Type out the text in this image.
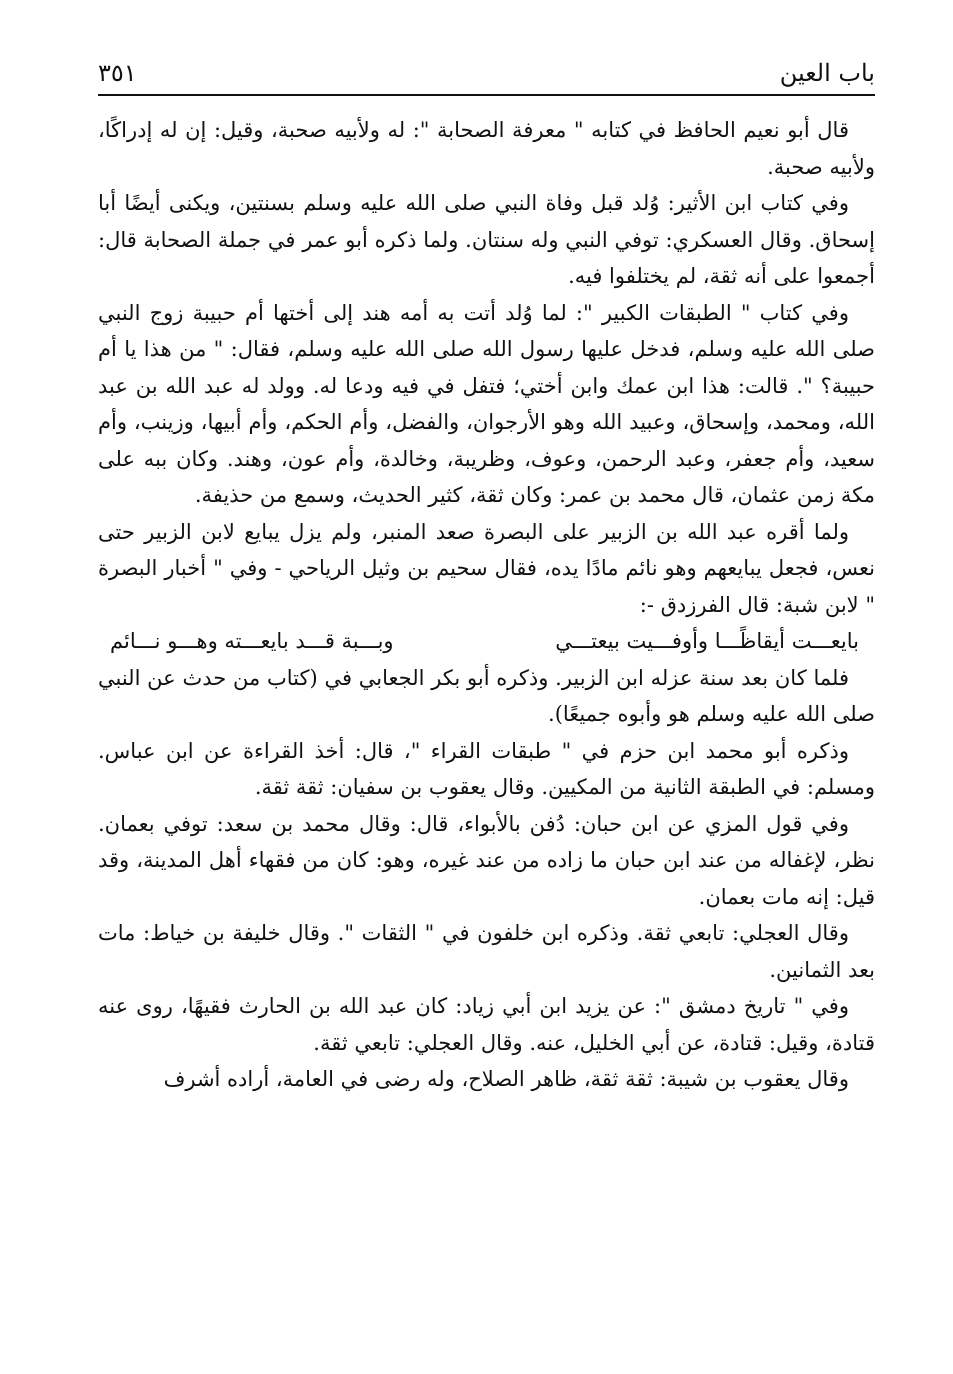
باب العين
٣٥١

قال أبو نعيم الحافظ في كتابه " معرفة الصحابة ": له ولأبيه صحبة، وقيل: إن له إدراكًا، ولأبيه صحبة.

وفي كتاب ابن الأثير: وُلد قبل وفاة النبي صلى الله عليه وسلم بسنتين، ويكنى أيضًا أبا إسحاق. وقال العسكري: توفي النبي وله سنتان. ولما ذكره أبو عمر في جملة الصحابة قال: أجمعوا على أنه ثقة، لم يختلفوا فيه.

وفي كتاب " الطبقات الكبير ": لما وُلد أتت به أمه هند إلى أختها أم حبيبة زوج النبي صلى الله عليه وسلم، فدخل عليها رسول الله صلى الله عليه وسلم، فقال: " من هذا يا أم حبيبة؟ ". قالت: هذا ابن عمك وابن أختي؛ فتفل في فيه ودعا له. وولد له عبد الله بن عبد الله، ومحمد، وإسحاق، وعبيد الله وهو الأرجوان، والفضل، وأم الحكم، وأم أبيها، وزينب، وأم سعيد، وأم جعفر، وعبد الرحمن، وعوف، وظريبة، وخالدة، وأم عون، وهند. وكان ببه على مكة زمن عثمان، قال محمد بن عمر: وكان ثقة، كثير الحديث، وسمع من حذيفة.

ولما أقره عبد الله بن الزبير على البصرة صعد المنبر، ولم يزل يبايع لابن الزبير حتى نعس، فجعل يبايعهم وهو نائم مادًا يده، فقال سحيم بن وثيل الرياحي - وفي " أخبار البصرة " لابن شبة: قال الفرزدق -:

بايعـــت أيقاظًـــا وأوفـــيت بيعتـــي
وبـــبة قـــد بايعـــته وهـــو نـــائم

فلما كان بعد سنة عزله ابن الزبير. وذكره أبو بكر الجعابي في (كتاب من حدث عن النبي صلى الله عليه وسلم هو وأبوه جميعًا).

وذكره أبو محمد ابن حزم في " طبقات القراء "، قال: أخذ القراءة عن ابن عباس. ومسلم: في الطبقة الثانية من المكيين. وقال يعقوب بن سفيان: ثقة ثقة.

وفي قول المزي عن ابن حبان: دُفن بالأبواء، قال: وقال محمد بن سعد: توفي بعمان. نظر، لإغفاله من عند ابن حبان ما زاده من عند غيره، وهو: كان من فقهاء أهل المدينة، وقد قيل: إنه مات بعمان.

وقال العجلي: تابعي ثقة. وذكره ابن خلفون في " الثقات ". وقال خليفة بن خياط: مات بعد الثمانين.

وفي " تاريخ دمشق ": عن يزيد ابن أبي زياد: كان عبد الله بن الحارث فقيهًا، روى عنه قتادة، وقيل: قتادة، عن أبي الخليل، عنه. وقال العجلي: تابعي ثقة.

وقال يعقوب بن شيبة: ثقة ثقة، ظاهر الصلاح، وله رضى في العامة، أراده أشرف
